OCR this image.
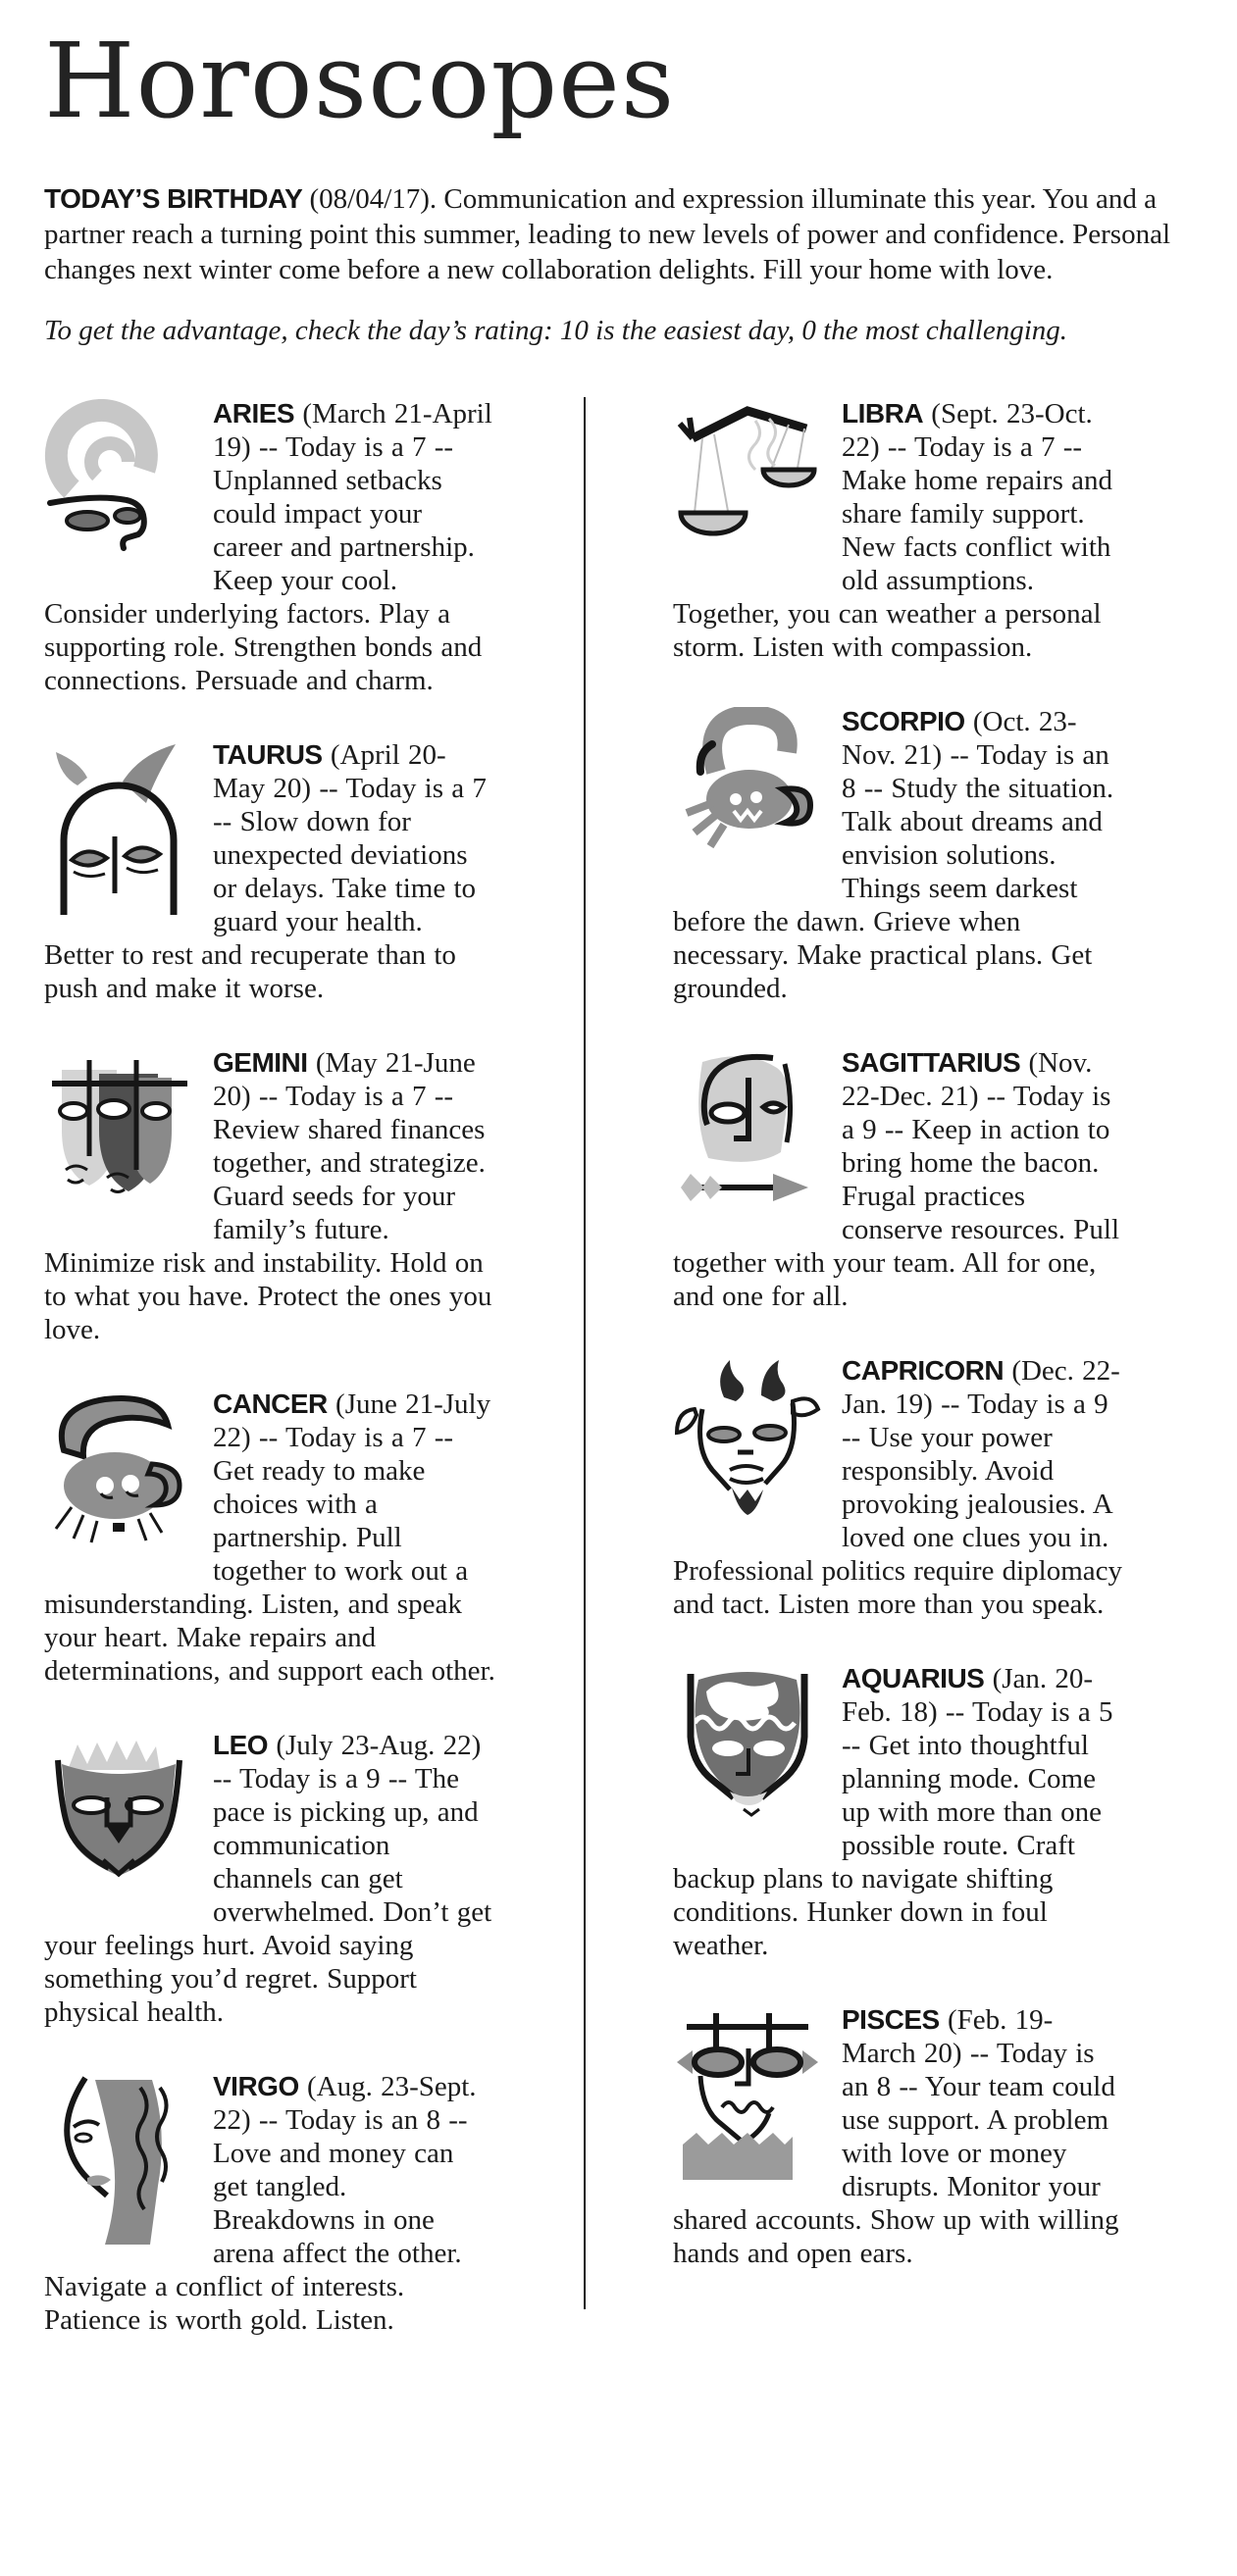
Horoscopes

TODAY’S BIRTHDAY (08/04/17). Communication and expression illuminate this year. You and a partner reach a turning point this summer, leading to new levels of power and confidence. Personal changes next winter come before a new collaboration delights. Fill your home with love.

To get the advantage, check the day’s rating: 10 is the easiest day, 0 the most challenging.

ARIES (March 21-April 19) -- Today is a 7 -- Unplanned setbacks could impact your career and partnership. Keep your cool. Consider underlying factors. Play a supporting role. Strengthen bonds and connections. Persuade and charm.

TAURUS (April 20-May 20) -- Today is a 7 -- Slow down for unexpected deviations or delays. Take time to guard your health. Better to rest and recuperate than to push and make it worse.

GEMINI (May 21-June 20) -- Today is a 7 -- Review shared finances together, and strategize. Guard seeds for your family’s future. Minimize risk and instability. Hold on to what you have. Protect the ones you love.

CANCER (June 21-July 22) -- Today is a 7 -- Get ready to make choices with a partnership. Pull together to work out a misunderstanding. Listen, and speak your heart. Make repairs and determinations, and support each other.

LEO (July 23-Aug. 22) -- Today is a 9 -- The pace is picking up, and communication channels can get overwhelmed. Don’t get your feelings hurt. Avoid saying something you’d regret. Support physical health.

VIRGO (Aug. 23-Sept. 22) -- Today is an 8 -- Love and money can get tangled. Breakdowns in one arena affect the other. Navigate a conflict of interests. Patience is worth gold. Listen.

LIBRA (Sept. 23-Oct. 22) -- Today is a 7 -- Make home repairs and share family support. New facts conflict with old assumptions. Together, you can weather a personal storm. Listen with compassion.

SCORPIO (Oct. 23-Nov. 21) -- Today is an 8 -- Study the situation. Talk about dreams and envision solutions. Things seem darkest before the dawn. Grieve when necessary. Make practical plans. Get grounded.

SAGITTARIUS (Nov. 22-Dec. 21) -- Today is a 9 -- Keep in action to bring home the bacon. Frugal practices conserve resources. Pull together with your team. All for one, and one for all.

CAPRICORN (Dec. 22-Jan. 19) -- Today is a 9 -- Use your power responsibly. Avoid provoking jealousies. A loved one clues you in. Professional politics require diplomacy and tact. Listen more than you speak.

AQUARIUS (Jan. 20-Feb. 18) -- Today is a 5 -- Get into thoughtful planning mode. Come up with more than one possible route. Craft backup plans to navigate shifting conditions. Hunker down in foul weather.

PISCES (Feb. 19-March 20) -- Today is an 8 -- Your team could use support. A problem with love or money disrupts. Monitor your shared accounts. Show up with willing hands and open ears.
